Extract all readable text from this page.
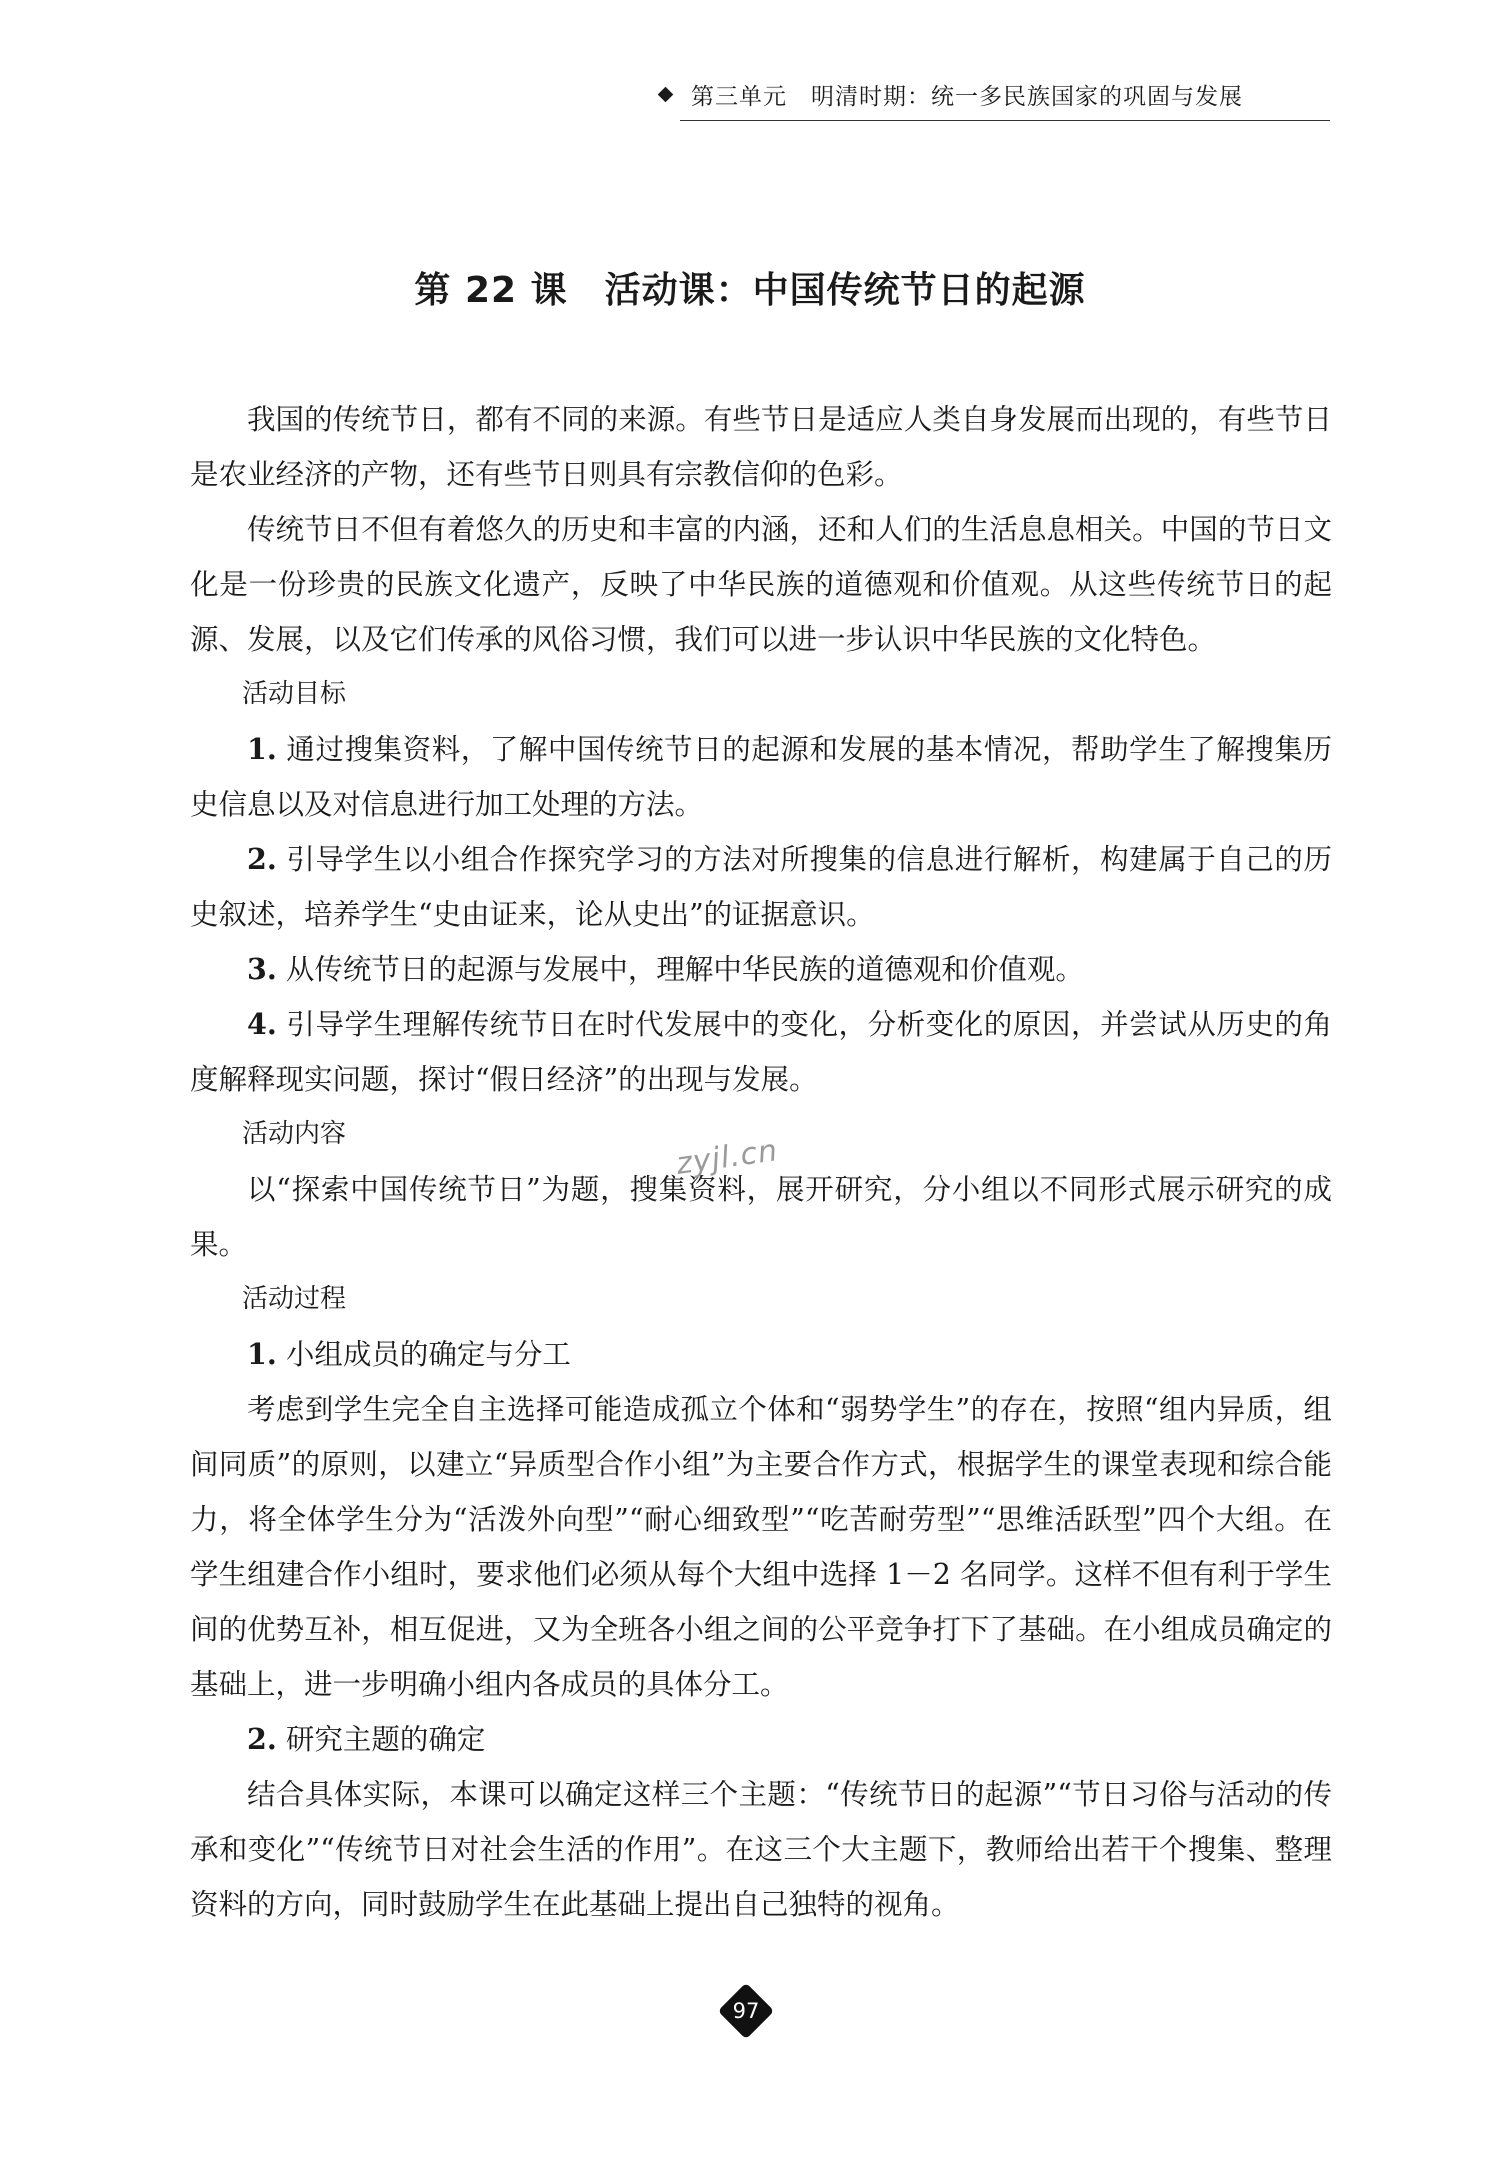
第三单元　明清时期：统一多民族国家的巩固与发展
第 22 课　活动课：中国传统节日的起源

我国的传统节日，都有不同的来源。有些节日是适应人类自身发展而出现的，有些节日是农业经济的产物，还有些节日则具有宗教信仰的色彩。

传统节日不但有着悠久的历史和丰富的内涵，还和人们的生活息息相关。中国的节日文化是一份珍贵的民族文化遗产，反映了中华民族的道德观和价值观。从这些传统节日的起源、发展，以及它们传承的风俗习惯，我们可以进一步认识中华民族的文化特色。

活动目标

1. 通过搜集资料，了解中国传统节日的起源和发展的基本情况，帮助学生了解搜集历史信息以及对信息进行加工处理的方法。

2. 引导学生以小组合作探究学习的方法对所搜集的信息进行解析，构建属于自己的历史叙述，培养学生“史由证来，论从史出”的证据意识。

3. 从传统节日的起源与发展中，理解中华民族的道德观和价值观。

4. 引导学生理解传统节日在时代发展中的变化，分析变化的原因，并尝试从历史的角度解释现实问题，探讨“假日经济”的出现与发展。

活动内容

以“探索中国传统节日”为题，搜集资料，展开研究，分小组以不同形式展示研究的成果。

活动过程

1. 小组成员的确定与分工

考虑到学生完全自主选择可能造成孤立个体和“弱势学生”的存在，按照“组内异质，组间同质”的原则，以建立“异质型合作小组”为主要合作方式，根据学生的课堂表现和综合能力，将全体学生分为“活泼外向型”“耐心细致型”“吃苦耐劳型”“思维活跃型”四个大组。在学生组建合作小组时，要求他们必须从每个大组中选择 1－2 名同学。这样不但有利于学生间的优势互补，相互促进，又为全班各小组之间的公平竞争打下了基础。在小组成员确定的基础上，进一步明确小组内各成员的具体分工。

2. 研究主题的确定

结合具体实际，本课可以确定这样三个主题：“传统节日的起源”“节日习俗与活动的传承和变化”“传统节日对社会生活的作用”。在这三个大主题下，教师给出若干个搜集、整理资料的方向，同时鼓励学生在此基础上提出自己独特的视角。

zyjl.cn
97
